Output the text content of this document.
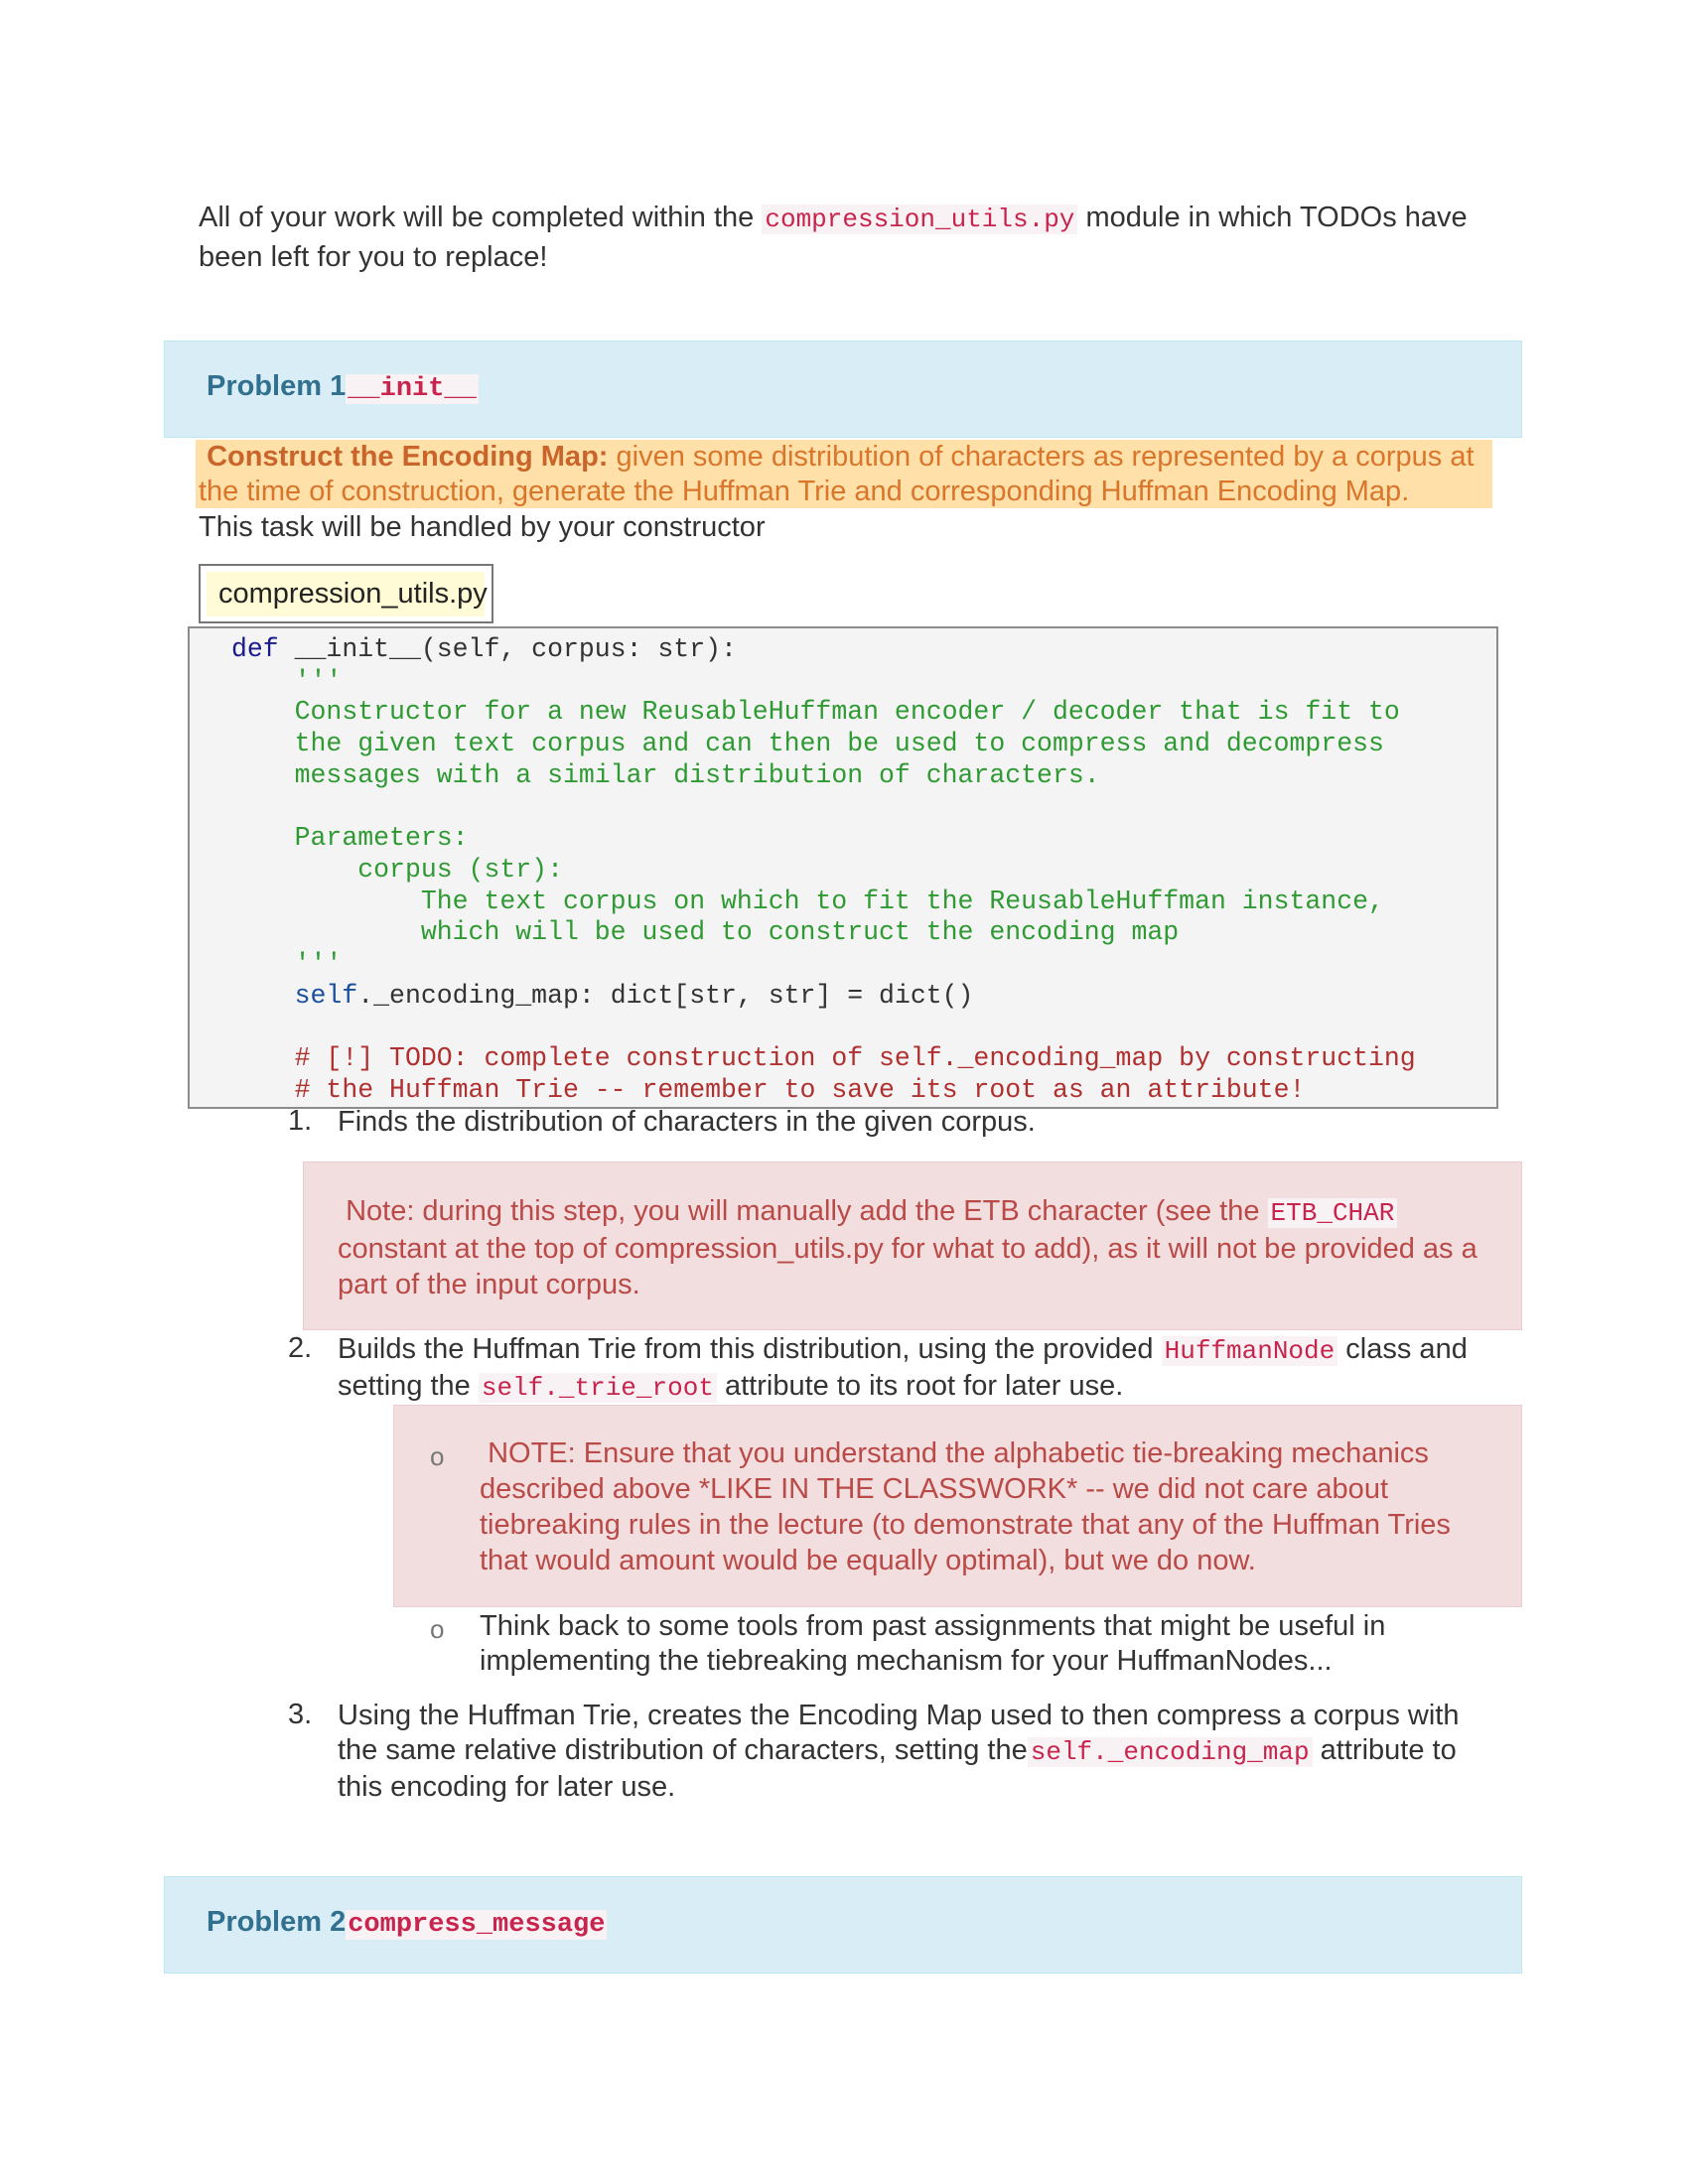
All of your work will be completed within the compression_utils.py module in which TODOs have been left for you to replace!
Problem 1__init__
Construct the Encoding Map: given some distribution of characters as represented by a corpus at the time of construction, generate the Huffman Trie and corresponding Huffman Encoding Map.
This task will be handled by your constructor
compression_utils.py
def __init__(self, corpus: str):
'''
Constructor for a new ReusableHuffman encoder / decoder that is fit to
the given text corpus and can then be used to compress and decompress
messages with a similar distribution of characters.

Parameters:
corpus (str):
The text corpus on which to fit the ReusableHuffman instance,
which will be used to construct the encoding map
'''
self._encoding_map: dict[str, str] = dict()

# [!] TODO: complete construction of self._encoding_map by constructing
# the Huffman Trie -- remember to save its root as an attribute!
1. Finds the distribution of characters in the given corpus.
Note: during this step, you will manually add the ETB character (see the ETB_CHAR constant at the top of compression_utils.py for what to add), as it will not be provided as a part of the input corpus.
2. Builds the Huffman Trie from this distribution, using the provided HuffmanNode class and setting the self._trie_root attribute to its root for later use.
o NOTE: Ensure that you understand the alphabetic tie-breaking mechanics described above *LIKE IN THE CLASSWORK* -- we did not care about tiebreaking rules in the lecture (to demonstrate that any of the Huffman Tries that would amount would be equally optimal), but we do now.
o Think back to some tools from past assignments that might be useful in implementing the tiebreaking mechanism for your HuffmanNodes...
3. Using the Huffman Trie, creates the Encoding Map used to then compress a corpus with the same relative distribution of characters, setting the self._encoding_map attribute to this encoding for later use.
Problem 2compress_message
